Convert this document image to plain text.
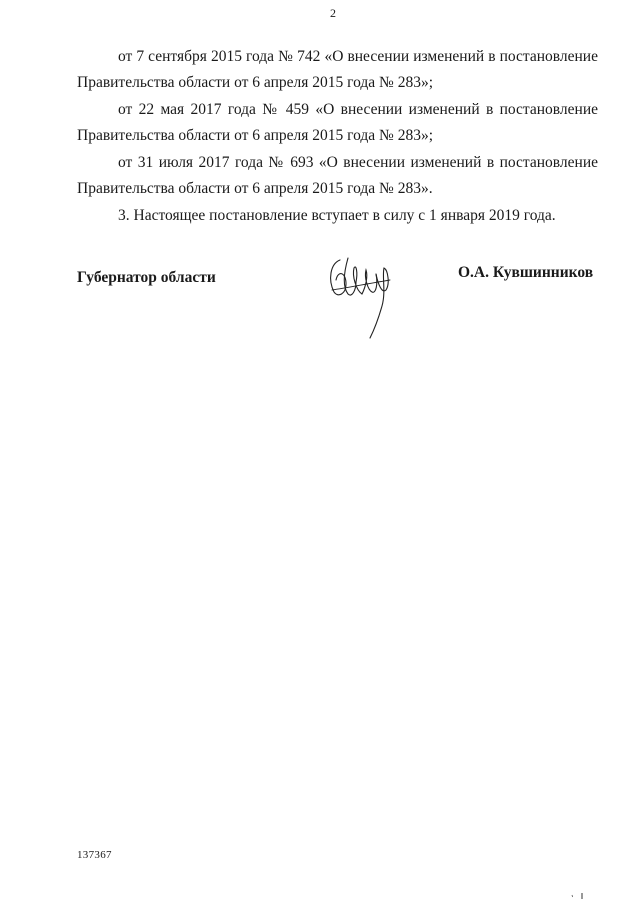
2

от 7 сентября 2015 года № 742 «О внесении изменений в постановление Правительства области от 6 апреля 2015 года № 283»;

от 22 мая 2017 года № 459 «О внесении изменений в постановление Правительства области от 6 апреля 2015 года № 283»;

от 31 июля 2017 года № 693 «О внесении изменений в постановление Правительства области от 6 апреля 2015 года № 283».

3. Настоящее постановление вступает в силу с 1 января 2019 года.

Губернатор области	О.А. Кувшинников
137367
